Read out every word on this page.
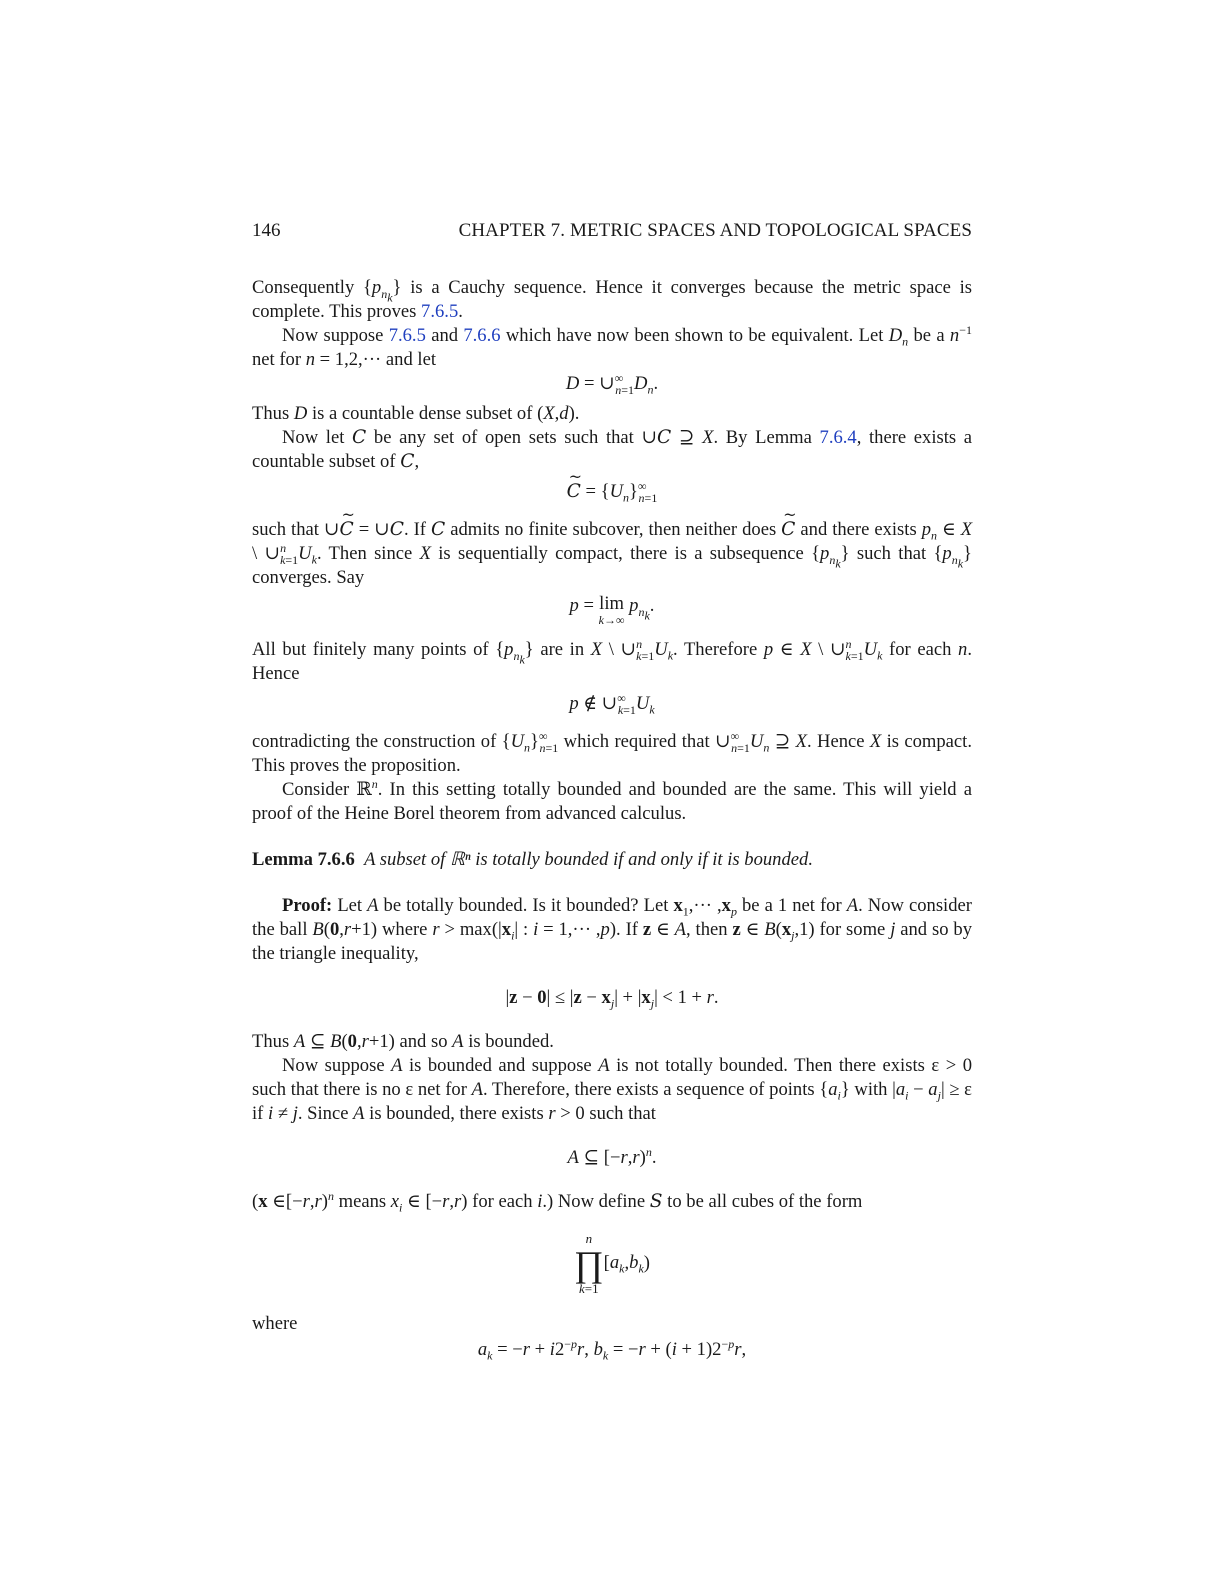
146	CHAPTER 7. METRIC SPACES AND TOPOLOGICAL SPACES

Consequently $\{p_{n_k}\}$ is a Cauchy sequence. Hence it converges because the metric space is complete. This proves 7.6.5.

Now suppose 7.6.5 and 7.6.6 which have now been shown to be equivalent. Let $D_n$ be a $n^{-1}$ net for n = 1,2,··· and let

$D = \cup^\infty_{n=1}D_n$.

Thus D is a countable dense subset of (X,d).

Now let C be any set of open sets such that ∪C ⊇ X. By Lemma 7.6.4, there exists a countable subset of C,

~ $C = \{U_n\}^\infty_{n=1}$

such that ∪~ C = ∪C. If C admits no finite subcover, then neither does ~ C and there exists $p_n$ ∈ X \ $\cup^n_{k=1}U_k$. Then since X is sequentially compact, there is a subsequence $\{p_{n_k}\}$ such that $\{p_{n_k}\}$ converges. Say

p = lim
k→∞
$p_{n_k}$.

All but finitely many points of $\{p_{n_k}\}$ are in X \ $\cup^n_{k=1}U_k$. Therefore p ∈ X \ $\cup^n_{k=1}U_k$ for each n. Hence

p ∉ $\cup^\infty_{k=1}U_k$

contradicting the construction of $\{U_n\}^\infty_{n=1}$ which required that $\cup^\infty_{n=1}U_n$ ⊇ X. Hence X is compact. This proves the proposition.

Consider ℝ$^n$. In this setting totally bounded and bounded are the same. This will yield a proof of the Heine Borel theorem from advanced calculus.

Lemma 7.6.6 A subset of ℝⁿ is totally bounded if and only if it is bounded.

Proof: Let A be totally bounded. Is it bounded? Let $x_1,\cdot\cdot\cdot ,x_p$ be a 1 net for A. Now consider the ball B(0,r+1) where $r > \max(|x_i|$ : i = 1,··· ,p). If z ∈ A, then z ∈ $B(x_j,1)$ for some j and so by the triangle inequality,

$|z - 0| \le |z - x_j| + |x_j| < 1 + r$.

Thus A ⊆ B(0,r+1) and so A is bounded.

Now suppose A is bounded and suppose A is not totally bounded. Then there exists ε > 0 such that there is no ε net for A. Therefore, there exists a sequence of points $\{a_i\}$ with $|a_i - a_j| \ge \varepsilon$ if i ≠ j. Since A is bounded, there exists r > 0 such that

A ⊆ [−r,r)$^n$.

(x ∈[−r,r)$^n$ means $x_i$ ∈ [−r,r) for each i.) Now define S to be all cubes of the form

n
∏
k=1
$[a_k,b_k)$

where

$a_k = -r + i2^{-p}r$, $b_k = -r + (i + 1)2^{-p}r$,
